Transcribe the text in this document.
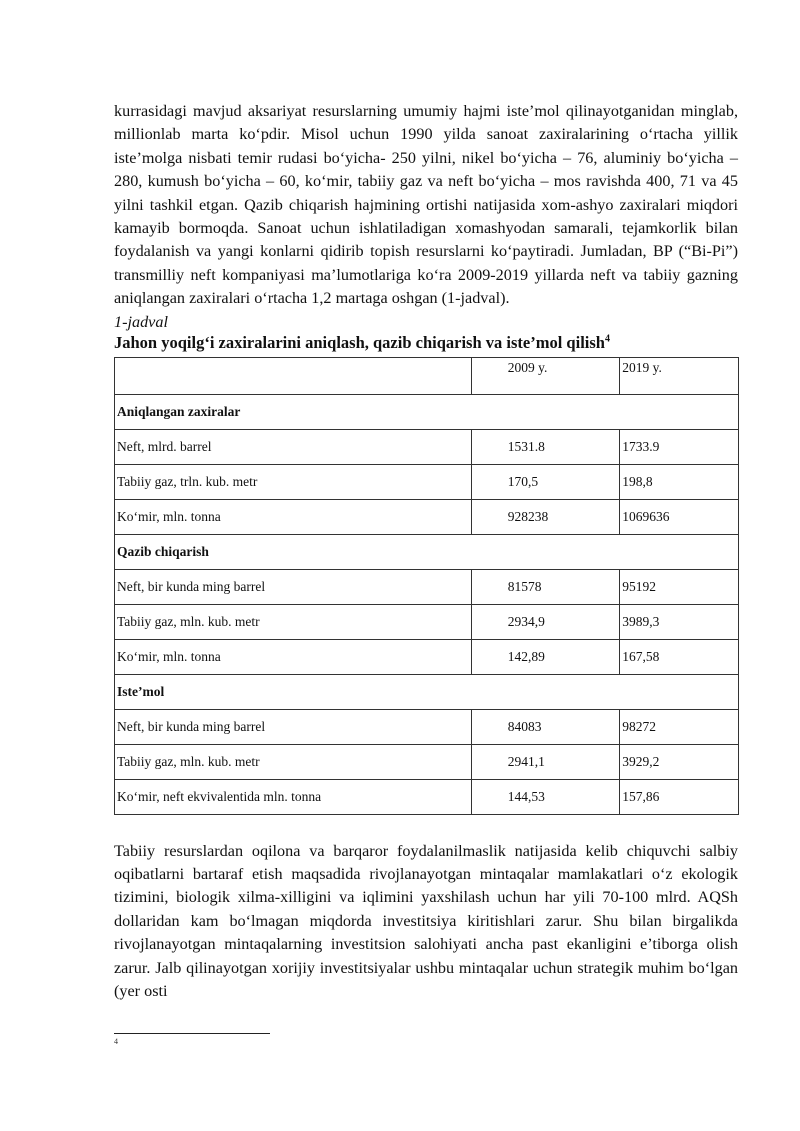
kurrasidagi mavjud aksariyat resurslarning umumiy hajmi iste’mol qilinayotganidan minglab, millionlab marta ko‘pdir. Misol uchun 1990 yilda sanoat zaxiralarining o‘rtacha yillik iste’molga nisbati temir rudasi bo‘yicha- 250 yilni, nikel bo‘yicha – 76, aluminiy bo‘yicha – 280, kumush bo‘yicha – 60, ko‘mir, tabiiy gaz va neft bo‘yicha – mos ravishda 400, 71 va 45 yilni tashkil etgan. Qazib chiqarish hajmining ortishi natijasida xom-ashyo zaxiralari miqdori kamayib bormoqda. Sanoat uchun ishlatiladigan xomashyodan samarali, tejamkorlik bilan foydalanish va yangi konlarni qidirib topish resurslarni ko‘paytiradi. Jumladan, BP (“Bi-Pi”) transmilliy neft kompaniyasi ma’lumotlariga ko‘ra 2009-2019 yillarda neft va tabiiy gazning aniqlangan zaxiralari o‘rtacha 1,2 martaga oshgan (1-jadval).

1-jadval

Jahon yoqilg‘i zaxiralarini aniqlash, qazib chiqarish va iste’mol qilish$^4$

	2009 y.	2019 y.
Aniqlangan zaxiralar		
Neft, mlrd. barrel	1531.8	1733.9
Tabiiy gaz, trln. kub. metr	170,5	198,8
Ko‘mir, mln. tonna	928238	1069636
Qazib chiqarish		
Neft, bir kunda ming barrel	81578	95192
Tabiiy gaz, mln. kub. metr	2934,9	3989,3
Ko‘mir, mln. tonna	142,89	167,58
Iste’mol		
Neft, bir kunda ming barrel	84083	98272
Tabiiy gaz, mln. kub. metr	2941,1	3929,2
Ko‘mir, neft ekvivalentida mln. tonna	144,53	157,86

Tabiiy resurslardan oqilona va barqaror foydalanilmaslik natijasida kelib chiquvchi salbiy oqibatlarni bartaraf etish maqsadida rivojlanayotgan mintaqalar mamlakatlari o‘z ekologik tizimini, biologik xilma-xilligini va iqlimini yaxshilash uchun har yili 70-100 mlrd. AQSh dollaridan kam bo‘lmagan miqdorda investitsiya kiritishlari zarur. Shu bilan birgalikda rivojlanayotgan mintaqalarning investitsion salohiyati ancha past ekanligini e’tiborga olish zarur. Jalb qilinayotgan xorijiy investitsiyalar ushbu mintaqalar uchun strategik muhim bo‘lgan (yer osti

4
